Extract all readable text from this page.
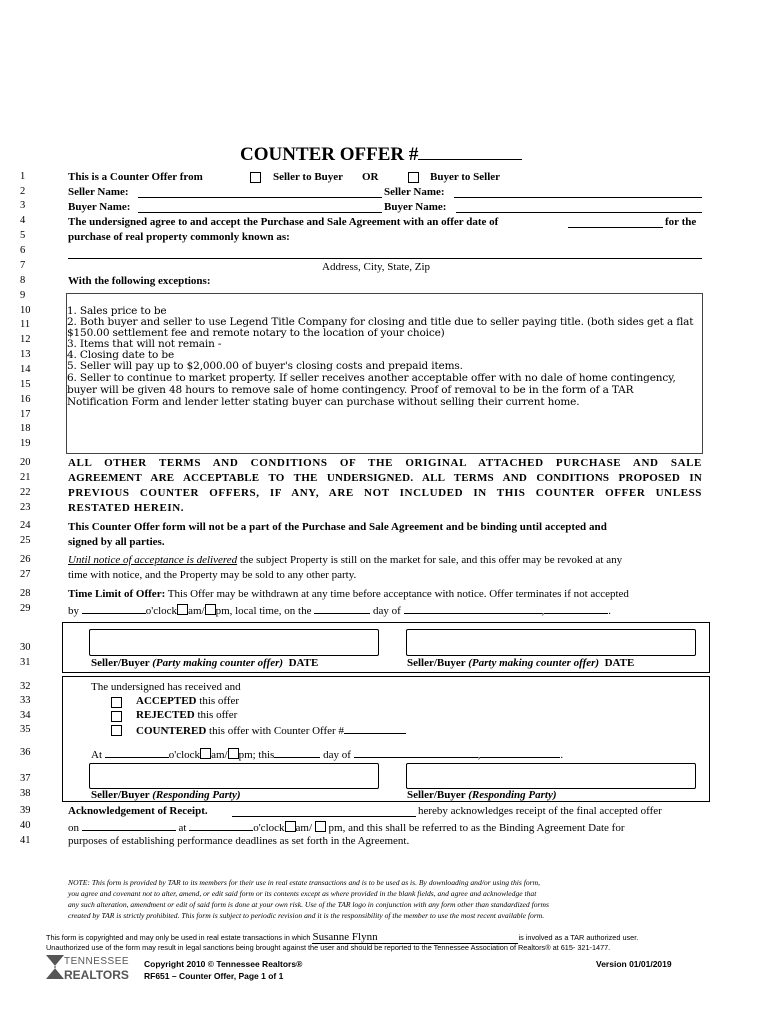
COUNTER OFFER #
1
2
3
4
5
6
7
8
9
10
11
12
13
14
15
16
17
18
19
20
21
22
23
24
25
26
27
28
29
30
31
32
33
34
35
36
37
38
39
40
41
This is a Counter Offer from	Seller to Buyer OR	Buyer to Seller
Seller Name:	Seller Name:
Buyer Name:	Buyer Name:
The undersigned agree to and accept the Purchase and Sale Agreement with an offer date of	for the
purchase of real property commonly known as:
Address, City, State, Zip
With the following exceptions:
1. Sales price to be
2. Both buyer and seller to use Legend Title Company for closing and title due to seller paying title. (both sides get a flat
$150.00 settlement fee and remote notary to the location of your choice)
3. Items that will not remain -
4. Closing date to be
5. Seller will pay up to $2,000.00 of buyer's closing costs and prepaid items.
6. Seller to continue to market property. If seller receives another acceptable offer with no dale of home contingency,
buyer will be given 48 hours to remove sale of home contingency. Proof of removal to be in the form of a TAR
Notification Form and lender letter stating buyer can purchase without selling their current home.
ALL OTHER TERMS AND CONDITIONS OF THE ORIGINAL ATTACHED PURCHASE AND SALE
AGREEMENT ARE ACCEPTABLE TO THE UNDERSIGNED. ALL TERMS AND CONDITIONS PROPOSED IN
PREVIOUS COUNTER OFFERS, IF ANY, ARE NOT INCLUDED IN THIS COUNTER OFFER UNLESS
RESTATED HEREIN.
This Counter Offer form will not be a part of the Purchase and Sale Agreement and be binding until accepted and
signed by all parties.
Until notice of acceptance is delivered the subject Property is still on the market for sale, and this offer may be revoked at any
time with notice, and the Property may be sold to any other party.
Time Limit of Offer: This Offer may be withdrawn at any time before acceptance with notice. Offer terminates if not accepted
by	o'clock am/ pm, local time, on the	day of	,	.
Seller/Buyer (Party making counter offer) DATE	Seller/Buyer (Party making counter offer) DATE
The undersigned has received and
ACCEPTED this offer
REJECTED this offer
COUNTERED this offer with Counter Offer #
At	o'clock am/ pm; this	day of	,	.
Seller/Buyer (Responding Party)	Seller/Buyer (Responding Party)
Acknowledgement of Receipt.	hereby acknowledges receipt of the final accepted offer
on	at	o'clock am/ pm, and this shall be referred to as the Binding Agreement Date for
purposes of establishing performance deadlines as set forth in the Agreement.
NOTE: This form is provided by TAR to its members for their use in real estate transactions and is to be used as is. By downloading and/or using this form,
you agree and covenant not to alter, amend, or edit said form or its contents except as where provided in the blank fields, and agree and acknowledge that
any such alteration, amendment or edit of said form is done at your own risk. Use of the TAR logo in conjunction with any form other than standardized forms
created by TAR is strictly prohibited. This form is subject to periodic revision and it is the responsibility of the member to use the most recent available form.
This form is copyrighted and may only be used in real estate transactions in which Susanne Flynn	is involved as a TAR authorized user.
Unauthorized use of the form may result in legal sanctions being brought against the user and should be reported to the Tennessee Association of Realtors® at 615- 321-1477.
TENNESSEE
REALTORS
Copyright 2010 © Tennessee Realtors®
RF651 – Counter Offer, Page 1 of 1
Version 01/01/2019
